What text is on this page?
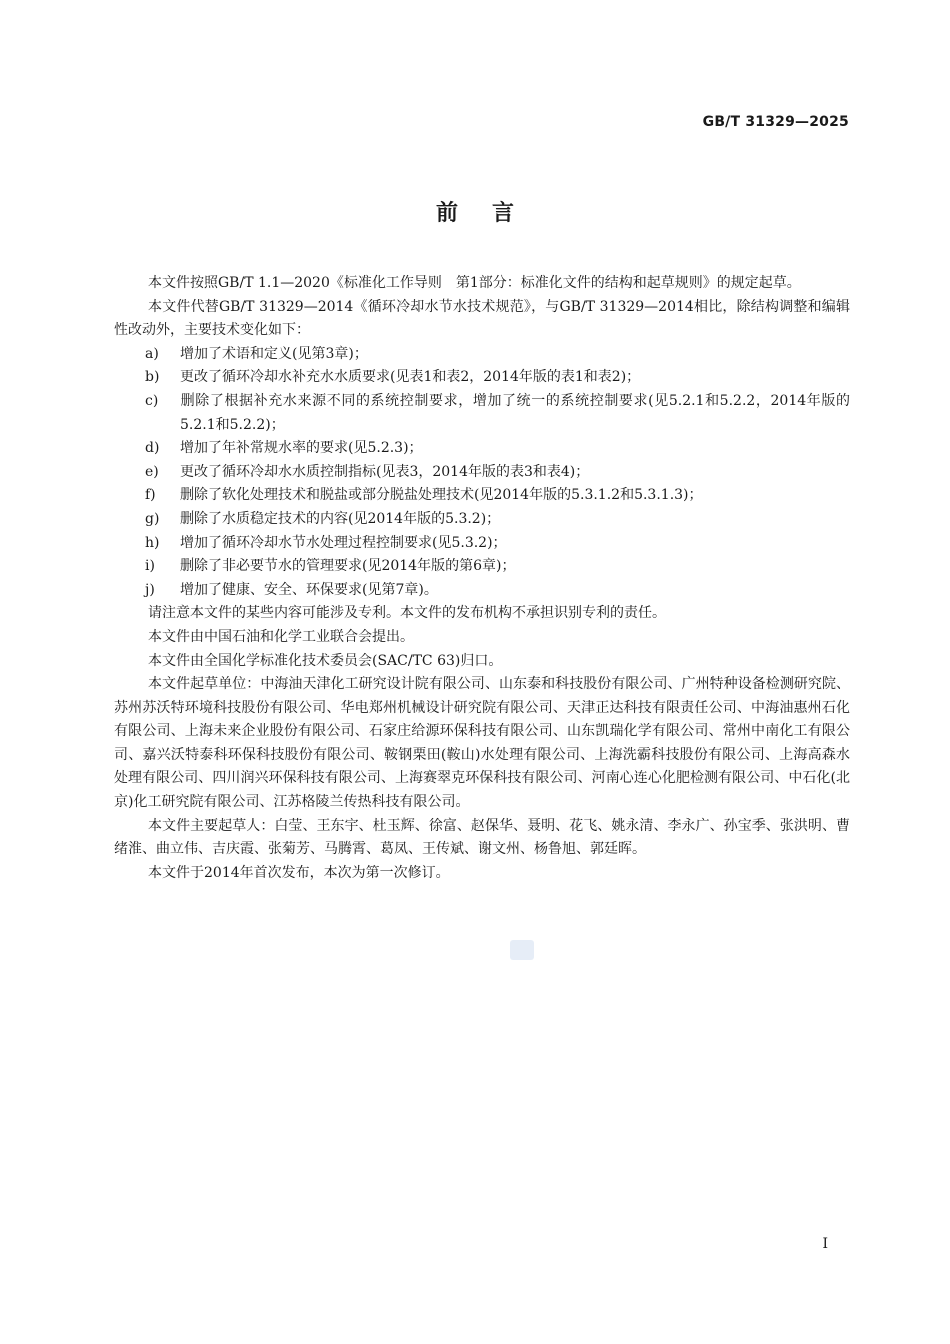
GB/T 31329—2025
前言

本文件按照GB/T 1.1—2020《标准化工作导则　第1部分：标准化文件的结构和起草规则》的规定起草。

本文件代替GB/T 31329—2014《循环冷却水节水技术规范》，与GB/T 31329—2014相比，除结构调整和编辑性改动外，主要技术变化如下：

a) 增加了术语和定义(见第3章)；

b) 更改了循环冷却水补充水水质要求(见表1和表2，2014年版的表1和表2)；

c) 删除了根据补充水来源不同的系统控制要求，增加了统一的系统控制要求(见5.2.1和5.2.2，2014年版的5.2.1和5.2.2)；

d) 增加了年补常规水率的要求(见5.2.3)；

e) 更改了循环冷却水水质控制指标(见表3，2014年版的表3和表4)；

f) 删除了软化处理技术和脱盐或部分脱盐处理技术(见2014年版的5.3.1.2和5.3.1.3)；

g) 删除了水质稳定技术的内容(见2014年版的5.3.2)；

h) 增加了循环冷却水节水处理过程控制要求(见5.3.2)；

i) 删除了非必要节水的管理要求(见2014年版的第6章)；

j) 增加了健康、安全、环保要求(见第7章)。

请注意本文件的某些内容可能涉及专利。本文件的发布机构不承担识别专利的责任。

本文件由中国石油和化学工业联合会提出。

本文件由全国化学标准化技术委员会(SAC/TC 63)归口。

本文件起草单位：中海油天津化工研究设计院有限公司、山东泰和科技股份有限公司、广州特种设备检测研究院、苏州苏沃特环境科技股份有限公司、华电郑州机械设计研究院有限公司、天津正达科技有限责任公司、中海油惠州石化有限公司、上海未来企业股份有限公司、石家庄给源环保科技有限公司、山东凯瑞化学有限公司、常州中南化工有限公司、嘉兴沃特泰科环保科技股份有限公司、鞍钢栗田(鞍山)水处理有限公司、上海洗霸科技股份有限公司、上海高森水处理有限公司、四川润兴环保科技有限公司、上海赛翠克环保科技有限公司、河南心连心化肥检测有限公司、中石化(北京)化工研究院有限公司、江苏格陵兰传热科技有限公司。

本文件主要起草人：白莹、王东宇、杜玉辉、徐富、赵保华、聂明、花飞、姚永清、李永广、孙宝季、张洪明、曹绪淮、曲立伟、吉庆霞、张菊芳、马腾霄、葛凤、王传斌、谢文州、杨鲁旭、郭廷晖。

本文件于2014年首次发布，本次为第一次修订。

I
